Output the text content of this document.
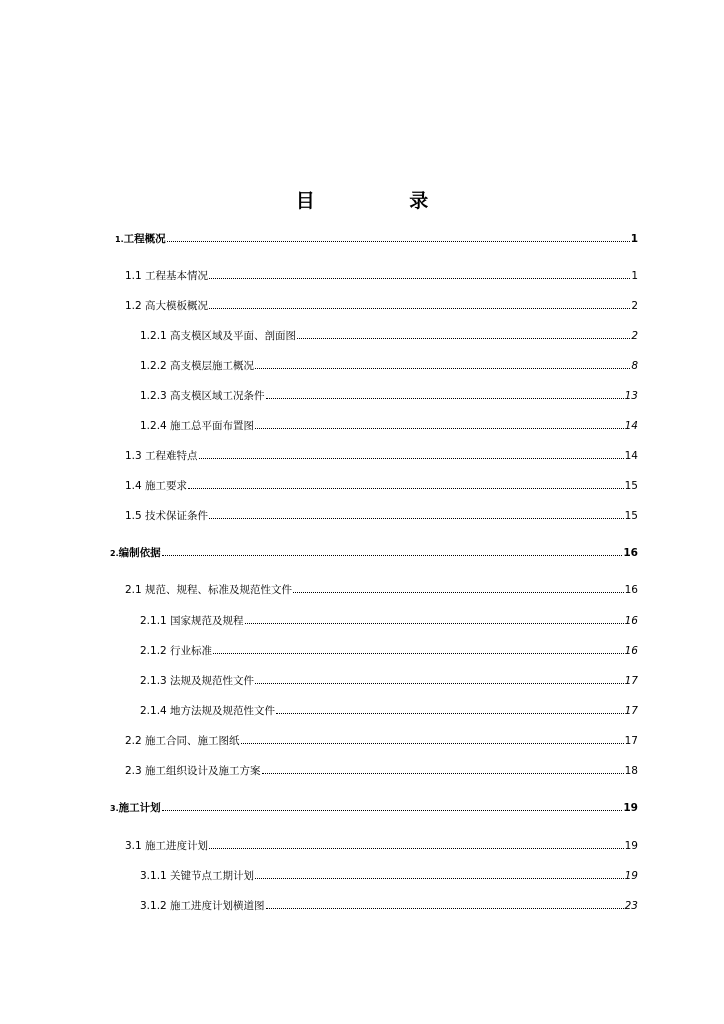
目 录
1.工程概况	1
1.1 工程基本情况	1
1.2 高大模板概况	2
1.2.1 高支模区域及平面、剖面图	2
1.2.2 高支模层施工概况	8
1.2.3 高支模区域工况条件	13
1.2.4 施工总平面布置图	14
1.3 工程难特点	14
1.4 施工要求	15
1.5 技术保证条件	15
2.编制依据	16
2.1 规范、规程、标准及规范性文件	16
2.1.1 国家规范及规程	16
2.1.2 行业标准	16
2.1.3 法规及规范性文件	17
2.1.4 地方法规及规范性文件	17
2.2 施工合同、施工图纸	17
2.3 施工组织设计及施工方案	18
3.施工计划	19
3.1 施工进度计划	19
3.1.1 关键节点工期计划	19
3.1.2 施工进度计划横道图	23
